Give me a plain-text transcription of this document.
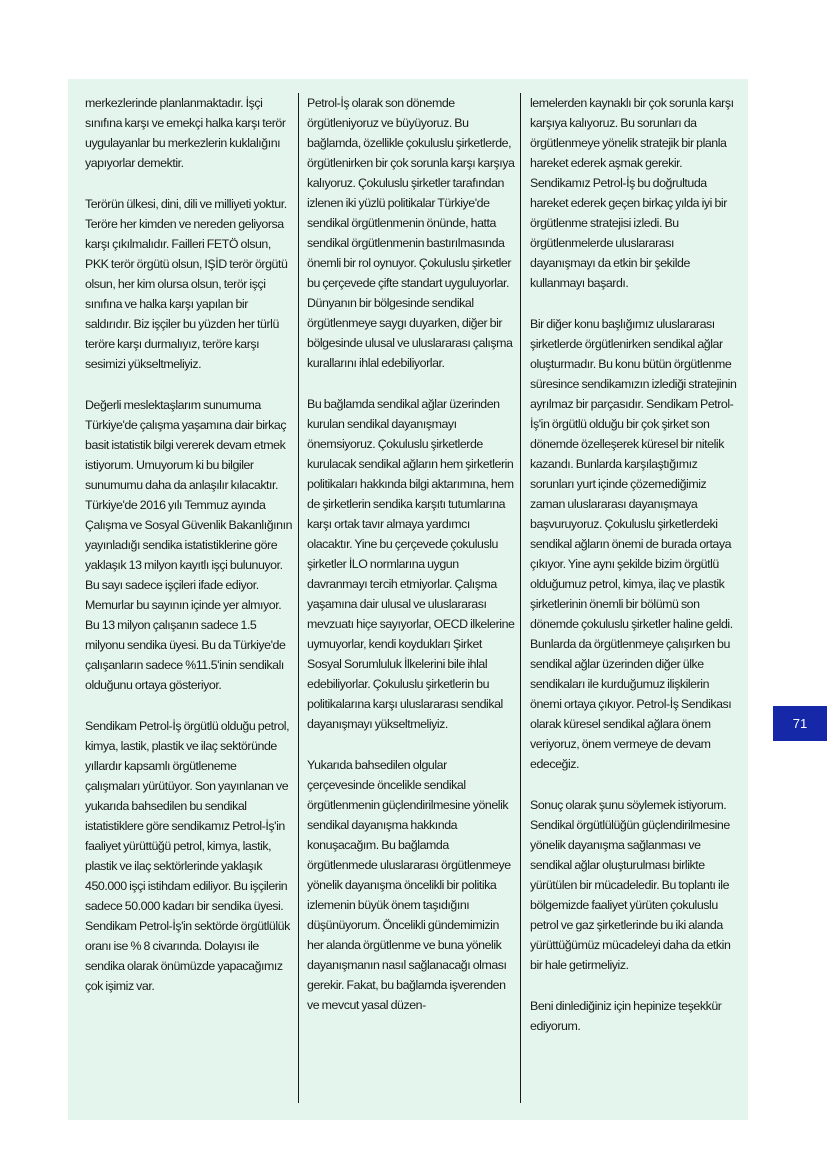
merkezlerinde planlanmaktadır. İşçi sınıfına karşı ve emekçi halka karşı terör uygulayanlar bu merkezlerin kuklalığını yapıyorlar demektir.

Terörün ülkesi, dini, dili ve milliyeti yoktur. Teröre her kimden ve nereden geliyorsa karşı çıkılmalıdır. Failleri FETÖ olsun, PKK terör örgütü olsun, IŞİD terör örgütü olsun, her kim olursa olsun, terör işçi sınıfına ve halka karşı yapılan bir saldırıdır. Biz işçiler bu yüzden her türlü teröre karşı durmalıyız, teröre karşı sesimizi yükseltmeliyiz.

Değerli meslektaşlarım sunumuma Türkiye'de çalışma yaşamına dair birkaç basit istatistik bilgi vererek devam etmek istiyorum. Umuyorum ki bu bilgiler sunumumu daha da anlaşılır kılacaktır. Türkiye'de 2016 yılı Temmuz ayında Çalışma ve Sosyal Güvenlik Bakanlığının yayınladığı sendika istatistiklerine göre yaklaşık 13 milyon kayıtlı işçi bulunuyor. Bu sayı sadece işçileri ifade ediyor. Memurlar bu sayının içinde yer almıyor. Bu 13 milyon çalışanın sadece 1.5 milyonu sendika üyesi. Bu da Türkiye'de çalışanların sadece %11.5'inin sendikalı olduğunu ortaya gösteriyor.

Sendikam Petrol-İş örgütlü olduğu petrol, kimya, lastik, plastik ve ilaç sektöründe yıllardır kapsamlı örgütleneme çalışmaları yürütüyor. Son yayınlanan ve yukarıda bahsedilen bu sendikal istatistiklere göre sendikamız Petrol-İş'in faaliyet yürüttüğü petrol, kimya, lastik, plastik ve ilaç sektörlerinde yaklaşık 450.000 işçi istihdam ediliyor. Bu işçilerin sadece 50.000 kadarı bir sendika üyesi. Sendikam Petrol-İş'in sektörde örgütlülük oranı ise % 8 civarında. Dolayısı ile sendika olarak önümüzde yapacağımız çok işimiz var.

Petrol-İş olarak son dönemde örgütleniyoruz ve büyüyoruz. Bu bağlamda, özellikle çokuluslu şirketlerde, örgütlenirken bir çok sorunla karşı karşıya kalıyoruz. Çokuluslu şirketler tarafından izlenen iki yüzlü politikalar Türkiye'de sendikal örgütlenmenin önünde, hatta sendikal örgütlenmenin bastırılmasında önemli bir rol oynuyor. Çokuluslu şirketler bu çerçevede çifte standart uyguluyorlar. Dünyanın bir bölgesinde sendikal örgütlenmeye saygı duyarken, diğer bir bölgesinde ulusal ve uluslararası çalışma kurallarını ihlal edebiliyorlar.

Bu bağlamda sendikal ağlar üzerinden kurulan sendikal dayanışmayı önemsiyoruz. Çokuluslu şirketlerde kurulacak sendikal ağların hem şirketlerin politikaları hakkında bilgi aktarımına, hem de şirketlerin sendika karşıtı tutumlarına karşı ortak tavır almaya yardımcı olacaktır. Yine bu çerçevede çokuluslu şirketler İLO normlarına uygun davranmayı tercih etmiyorlar. Çalışma yaşamına dair ulusal ve uluslararası mevzuatı hiçe sayıyorlar, OECD ilkelerine uymuyorlar, kendi koydukları Şirket Sosyal Sorumluluk İlkelerini bile ihlal edebiliyorlar. Çokuluslu şirketlerin bu politikalarına karşı uluslararası sendikal dayanışmayı yükseltmeliyiz.

Yukarıda bahsedilen olgular çerçevesinde öncelikle sendikal örgütlenmenin güçlendirilmesine yönelik sendikal dayanışma hakkında konuşacağım. Bu bağlamda örgütlenmede uluslararası örgütlenmeye yönelik dayanışma öncelikli bir politika izlemenin büyük önem taşıdığını düşünüyorum. Öncelikli gündemimizin her alanda örgütlenme ve buna yönelik dayanışmanın nasıl sağlanacağı olması gerekir. Fakat, bu bağlamda işverenden ve mevcut yasal düzen-

lemelerden kaynaklı bir çok sorunla karşı karşıya kalıyoruz. Bu sorunları da örgütlenmeye yönelik stratejik bir planla hareket ederek aşmak gerekir. Sendikamız Petrol-İş bu doğrultuda hareket ederek geçen birkaç yılda iyi bir örgütlenme stratejisi izledi. Bu örgütlenmelerde uluslararası dayanışmayı da etkin bir şekilde kullanmayı başardı.

Bir diğer konu başlığımız uluslararası şirketlerde örgütlenirken sendikal ağlar oluşturmadır. Bu konu bütün örgütlenme süresince sendikamızın izlediği stratejinin ayrılmaz bir parçasıdır. Sendikam Petrol-İş'in örgütlü olduğu bir çok şirket son dönemde özelleşerek küresel bir nitelik kazandı. Bunlarda karşılaştığımız sorunları yurt içinde çözemediğimiz zaman uluslararası dayanışmaya başvuruyoruz. Çokuluslu şirketlerdeki sendikal ağların önemi de burada ortaya çıkıyor. Yine aynı şekilde bizim örgütlü olduğumuz petrol, kimya, ilaç ve plastik şirketlerinin önemli bir bölümü son dönemde çokuluslu şirketler haline geldi. Bunlarda da örgütlenmeye çalışırken bu sendikal ağlar üzerinden diğer ülke sendikaları ile kurduğumuz ilişkilerin önemi ortaya çıkıyor. Petrol-İş Sendikası olarak küresel sendikal ağlara önem veriyoruz, önem vermeye de devam edeceğiz.

Sonuç olarak şunu söylemek istiyorum. Sendikal örgütlülüğün güçlendirilmesine yönelik dayanışma sağlanması ve sendikal ağlar oluşturulması birlikte yürütülen bir mücadeledir. Bu toplantı ile bölgemizde faaliyet yürüten çokuluslu petrol ve gaz şirketlerinde bu iki alanda yürüttüğümüz mücadeleyi daha da etkin bir hale getirmeliyiz.

Beni dinlediğiniz için hepinize teşekkür ediyorum.

71
